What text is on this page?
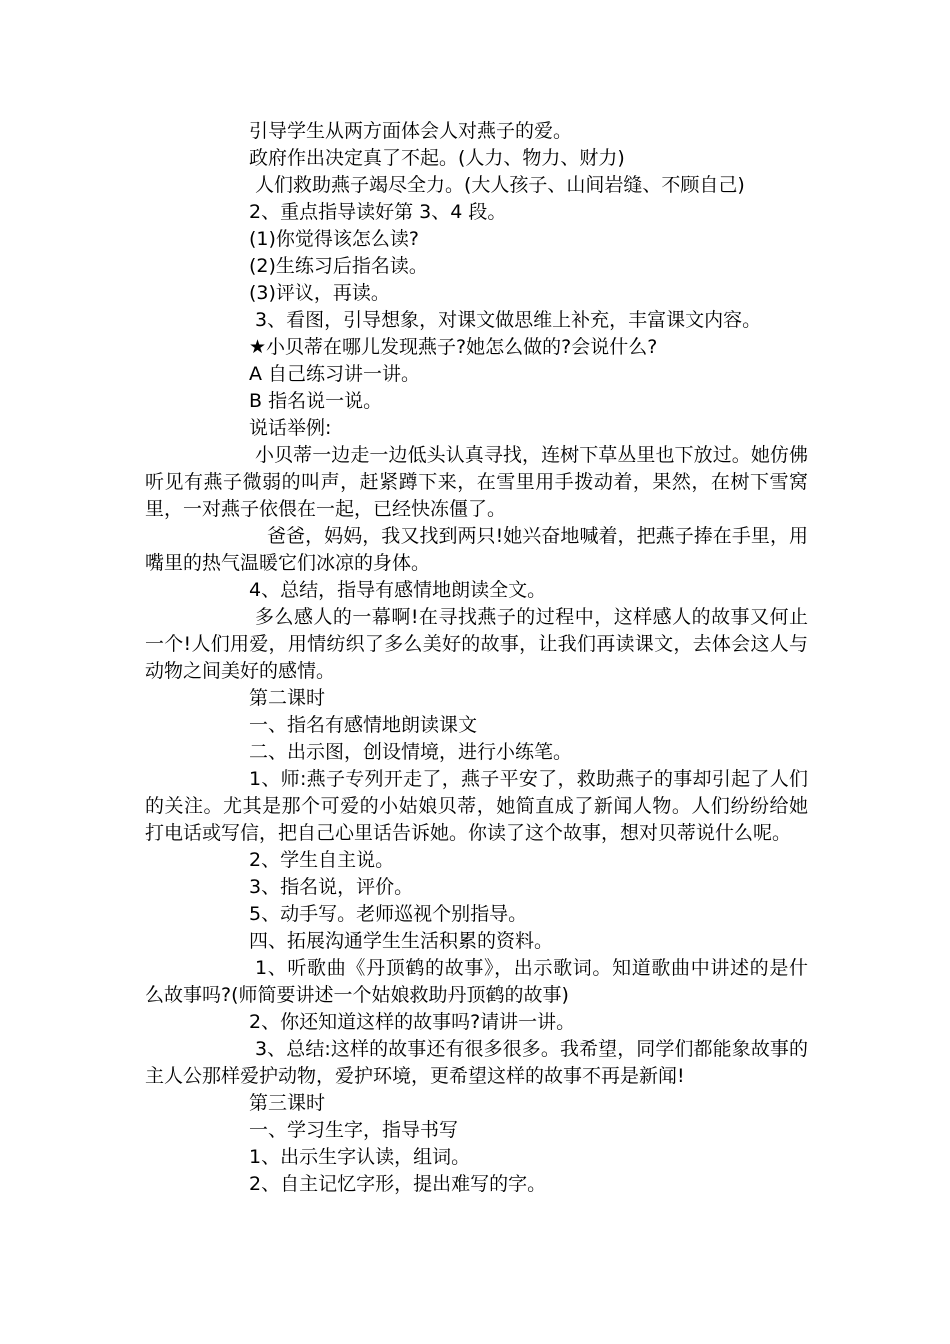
引导学生从两方面体会人对燕子的爱。

政府作出决定真了不起。(人力、物力、财力)

人们救助燕子竭尽全力。(大人孩子、山间岩缝、不顾自己)

2、重点指导读好第 3、4 段。

(1)你觉得该怎么读?

(2)生练习后指名读。

(3)评议，再读。

3、看图，引导想象，对课文做思维上补充，丰富课文内容。

★小贝蒂在哪儿发现燕子?她怎么做的?会说什么?

A 自己练习讲一讲。

B 指名说一说。

说话举例:

小贝蒂一边走一边低头认真寻找，连树下草丛里也下放过。她仿佛听见有燕子微弱的叫声，赶紧蹲下来，在雪里用手拨动着，果然，在树下雪窝里，一对燕子依偎在一起，已经快冻僵了。

爸爸，妈妈，我又找到两只!她兴奋地喊着，把燕子捧在手里，用嘴里的热气温暖它们冰凉的身体。

4、总结，指导有感情地朗读全文。

多么感人的一幕啊!在寻找燕子的过程中，这样感人的故事又何止一个!人们用爱，用情纺织了多么美好的故事，让我们再读课文，去体会这人与动物之间美好的感情。

第二课时

一、指名有感情地朗读课文

二、出示图，创设情境，进行小练笔。

1、师:燕子专列开走了，燕子平安了，救助燕子的事却引起了人们的关注。尤其是那个可爱的小姑娘贝蒂，她简直成了新闻人物。人们纷纷给她打电话或写信，把自己心里话告诉她。你读了这个故事，想对贝蒂说什么呢。

2、学生自主说。

3、指名说，评价。

5、动手写。老师巡视个别指导。

四、拓展沟通学生生活积累的资料。

1、听歌曲《丹顶鹤的故事》，出示歌词。知道歌曲中讲述的是什么故事吗?(师简要讲述一个姑娘救助丹顶鹤的故事)

2、你还知道这样的故事吗?请讲一讲。

3、总结:这样的故事还有很多很多。我希望，同学们都能象故事的主人公那样爱护动物，爱护环境，更希望这样的故事不再是新闻!

第三课时

一、学习生字，指导书写

1、出示生字认读，组词。

2、自主记忆字形，提出难写的字。
